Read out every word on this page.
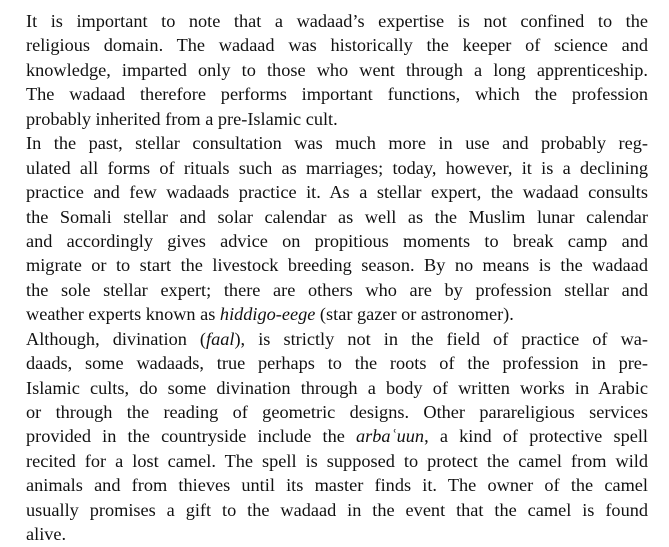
It is important to note that a wadaad’s expertise is not confined to the
religious domain. The wadaad was historically the keeper of science and
knowledge, imparted only to those who went through a long apprenticeship.
The wadaad therefore performs important functions, which the profession
probably inherited from a pre-Islamic cult.
In the past, stellar consultation was much more in use and probably reg-
ulated all forms of rituals such as marriages; today, however, it is a declining
practice and few wadaads practice it. As a stellar expert, the wadaad consults
the Somali stellar and solar calendar as well as the Muslim lunar calendar
and accordingly gives advice on propitious moments to break camp and
migrate or to start the livestock breeding season. By no means is the wadaad
the sole stellar expert; there are others who are by profession stellar and
weather experts known as hiddigo-eege (star gazer or astronomer).
Although, divination (faal), is strictly not in the field of practice of wa-
daads, some wadaads, true perhaps to the roots of the profession in pre-
Islamic cults, do some divination through a body of written works in Arabic
or through the reading of geometric designs. Other parareligious services
provided in the countryside include the arbaʿuun, a kind of protective spell
recited for a lost camel. The spell is supposed to protect the camel from wild
animals and from thieves until its master finds it. The owner of the camel
usually promises a gift to the wadaad in the event that the camel is found
alive.
